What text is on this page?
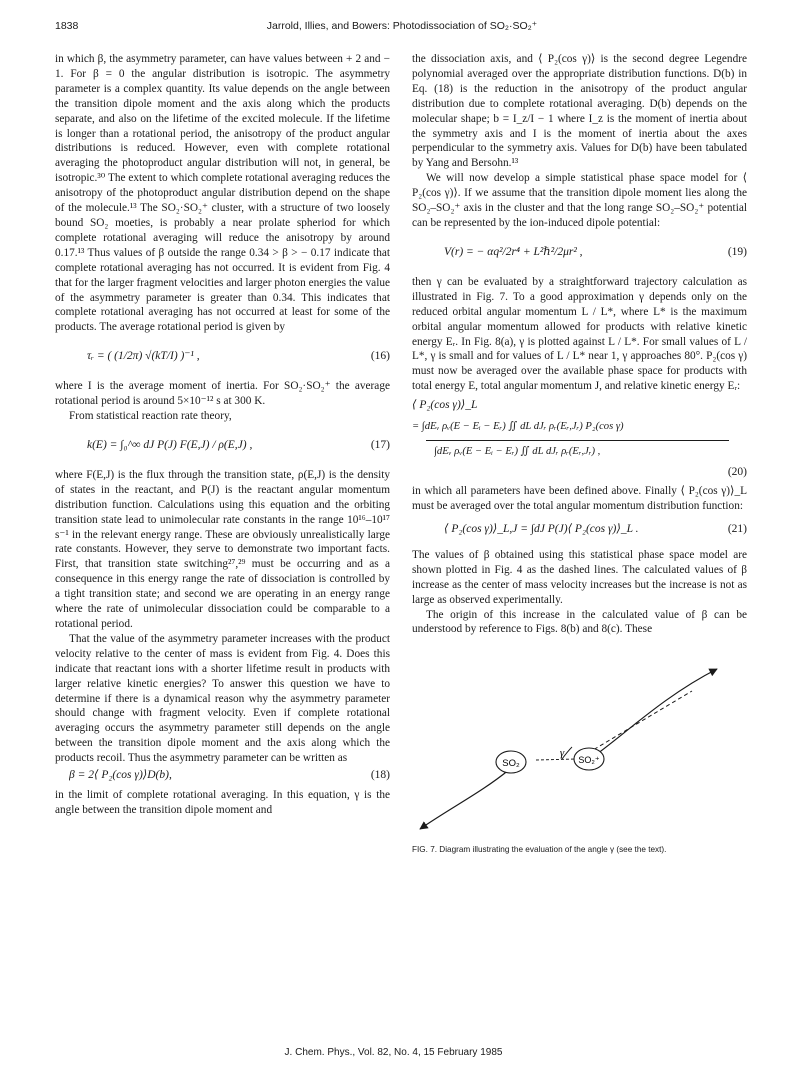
1838	Jarrold, Illies, and Bowers: Photodissociation of SO₂·SO₂⁺

in which β, the asymmetry parameter, can have values between + 2 and − 1. For β = 0 the angular distribution is isotropic. The asymmetry parameter is a complex quantity. Its value depends on the angle between the transition dipole moment and the axis along which the products separate, and also on the lifetime of the excited molecule. If the lifetime is longer than a rotational period, the anisotropy of the product angular distributions is reduced. However, even with complete rotational averaging the photoproduct angular distribution will not, in general, be isotropic.³⁰ The extent to which complete rotational averaging reduces the anisotropy of the photoproduct angular distribution depend on the shape of the molecule.¹³ The SO₂·SO₂⁺ cluster, with a structure of two loosely bound SO₂ moeties, is probably a near prolate spheriod for which complete rotational averaging will reduce the anisotropy by around 0.17.¹³ Thus values of β outside the range 0.34 > β > − 0.17 indicate that complete rotational averaging has not occurred. It is evident from Fig. 4 that for the larger fragment velocities and larger photon energies the value of the asymmetry parameter is greater than 0.34. This indicates that complete rotational averaging has not occurred at least for some of the products. The average rotational period is given by

τᵣ = ( (1/2π) √(kT/I) )⁻¹ ,	(16)

where I is the average moment of inertia. For SO₂·SO₂⁺ the average rotational period is around 5×10⁻¹² s at 300 K.

From statistical reaction rate theory,

k(E) = ∫₀^∞ dJ P(J) F(E,J) / ρ(E,J) ,	(17)

where F(E,J) is the flux through the transition state, ρ(E,J) is the density of states in the reactant, and P(J) is the reactant angular momentum distribution function. Calculations using this equation and the orbiting transition state lead to unimolecular rate constants in the range 10¹⁶–10¹⁷ s⁻¹ in the relevant energy range. These are obviously unrealistically large rate constants. However, they serve to demonstrate two important facts. First, that transition state switching²⁷,²⁹ must be occurring and as a consequence in this energy range the rate of dissociation is controlled by a tight transition state; and second we are operating in an energy range where the rate of unimolecular dissociation could be comparable to a rotational period.

That the value of the asymmetry parameter increases with the product velocity relative to the center of mass is evident from Fig. 4. Does this indicate that reactant ions with a shorter lifetime result in products with larger relative kinetic energies? To answer this question we have to determine if there is a dynamical reason why the asymmetry parameter should change with fragment velocity. Even if complete rotational averaging occurs the asymmetry parameter still depends on the angle between the transition dipole moment and the axis along which the products recoil. Thus the asymmetry parameter can be written as

β = 2⟨ P₂(cos γ)⟩D(b),	(18)

in the limit of complete rotational averaging. In this equation, γ is the angle between the transition dipole moment and

the dissociation axis, and ⟨ P₂(cos γ)⟩ is the second degree Legendre polynomial averaged over the appropriate distribution functions. D(b) in Eq. (18) is the reduction in the anisotropy of the product angular distribution due to complete rotational averaging. D(b) depends on the molecular shape; b = I_z/I − 1 where I_z is the moment of inertia about the symmetry axis and I is the moment of inertia about the axes perpendicular to the symmetry axis. Values for D(b) have been tabulated by Yang and Bersohn.¹³

We will now develop a simple statistical phase space model for ⟨ P₂(cos γ)⟩. If we assume that the transition dipole moment lies along the SO₂–SO₂⁺ axis in the cluster and that the long range SO₂–SO₂⁺ potential can be represented by the ion-induced dipole potential:

V(r) = − αq²/2r⁴ + L²ℏ²/2μr² ,	(19)

then γ can be evaluated by a straightforward trajectory calculation as illustrated in Fig. 7. To a good approximation γ depends only on the reduced orbital angular momentum L / L*, where L* is the maximum orbital angular momentum allowed for products with relative kinetic energy Eᵣ. In Fig. 8(a), γ is plotted against L / L*. For small values of L / L*, γ is small and for values of L / L* near 1, γ approaches 80°. P₂(cos γ) must now be averaged over the available phase space for products with total energy E, total angular momentum J, and relative kinetic energy Eᵣ:

⟨ P₂(cos γ)⟩_L
= ∫dEᵥ ρᵥ(E − Eᵢ − Eᵣ) ∬ dL dJᵣ ρᵣ(Eᵣ,Jᵣ) P₂(cos γ)
∫dEᵥ ρᵥ(E − Eᵢ − Eᵣ) ∬ dL dJᵣ ρᵣ(Eᵣ,Jᵣ) ,
(20)

in which all parameters have been defined above. Finally ⟨ P₂(cos γ)⟩_L must be averaged over the total angular momentum distribution function:

⟨ P₂(cos γ)⟩_L,J = ∫dJ P(J)⟨ P₂(cos γ)⟩_L .	(21)

The values of β obtained using this statistical phase space model are shown plotted in Fig. 4 as the dashed lines. The calculated values of β increase as the center of mass velocity increases but the increase is not as large as observed experimentally.

The origin of this increase in the calculated value of β can be understood by reference to Figs. 8(b) and 8(c). These

SO₂	SO₂⁺
γ
FIG. 7. Diagram illustrating the evaluation of the angle γ (see the text).
J. Chem. Phys., Vol. 82, No. 4, 15 February 1985
